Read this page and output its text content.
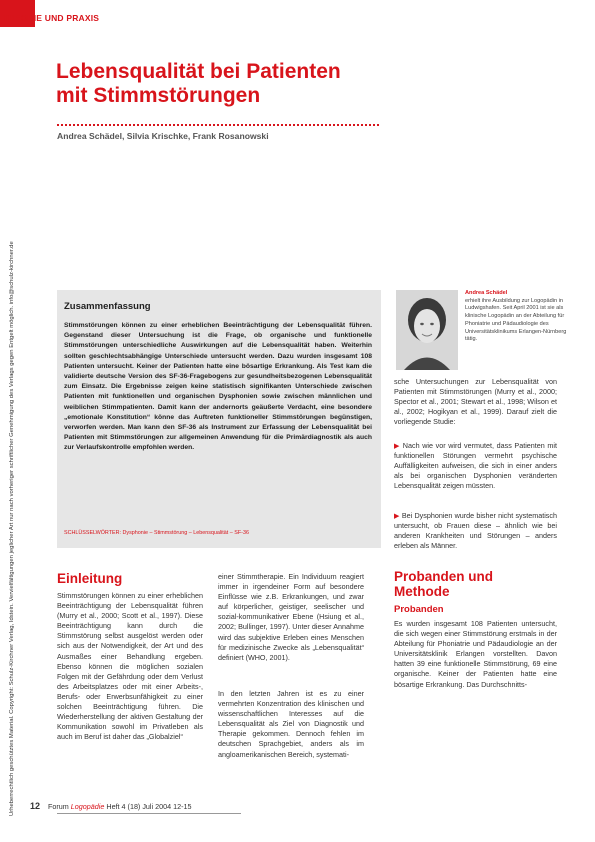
THEORIE UND PRAXIS
Urheberrechtlich geschütztes Material. Copyright: Schulz-Kirchner Verlag, Idstein. Vervielfältigungen jeglicher Art nur nach vorheriger schriftlicher Genehmigung des Verlags gegen Entgelt möglich. info@schulz-kirchner.de
Lebensqualität bei Patienten
mit Stimmstörungen
Andrea Schädel, Silvia Krischke, Frank Rosanowski
Zusammenfassung

Stimmstörungen können zu einer erheblichen Beeinträchtigung der Lebensqualität führen. Gegenstand dieser Untersuchung ist die Frage, ob organische und funktionelle Stimmstörungen unterschiedliche Auswirkungen auf die Lebensqualität haben. Weiterhin sollten geschlechtsabhängige Unterschiede untersucht werden. Dazu wurden insgesamt 108 Patienten untersucht. Keiner der Patienten hatte eine bösartige Erkrankung. Als Test kam die validierte deutsche Version des SF-36-Fragebogens zur gesundheitsbezogenen Lebensqualität zum Einsatz. Die Ergebnisse zeigen keine statistisch signifikanten Unterschiede zwischen Patienten mit funktionellen und organischen Dysphonien sowie zwischen männlichen und weiblichen Stimmpatienten. Damit kann der andernorts geäußerte Verdacht, eine besondere „emotionale Konstitution“ könne das Auftreten funktioneller Stimmstörungen begünstigen, verworfen werden. Man kann den SF-36 als Instrument zur Erfassung der Lebensqualität bei Patienten mit Stimmstörungen zur allgemeinen Anwendung für die Primärdiagnostik als auch zur Verlaufskontrolle empfohlen werden.

SCHLÜSSELWÖRTER: Dysphonie – Stimmstörung – Lebensqualität – SF-36
Andrea Schädel
erhielt ihre Ausbildung zur Logopädin in Ludwigshafen. Seit April 2001 ist sie als klinische Logopädin an der Abteilung für Phoniatrie und Pädaudiologie des Universitätsklinikums Erlangen-Nürnberg tätig.
Einleitung
Stimmstörungen können zu einer erheblichen Beeinträchtigung der Lebensqualität führen (Murry et al., 2000; Scott et al., 1997). Diese Beeinträchtigung kann durch die Stimmstörung selbst ausgelöst werden oder sich aus der Notwendigkeit, der Art und des Ausmaßes einer Behandlung ergeben. Ebenso können die möglichen sozialen Folgen mit der Gefährdung oder dem Verlust des Arbeitsplatzes oder mit einer Arbeits-, Berufs- oder Erwerbsunfähigkeit zu einer solchen Beeinträchtigung führen. Die Wiederherstellung der aktiven Gestaltung der Kommunikation sowohl im Privatleben als auch im Beruf ist daher das „Globalziel“
einer Stimmtherapie. Ein Individuum reagiert immer in irgendeiner Form auf besondere Einflüsse wie z.B. Erkrankungen, und zwar auf körperlicher, geistiger, seelischer und sozial-kommunikativer Ebene (Hsiung et al., 2002; Bullinger, 1997). Unter dieser Annahme wird das subjektive Erleben eines Menschen für medizinische Zwecke als „Lebensqualität“ definiert (WHO, 2001).
In den letzten Jahren ist es zu einer vermehrten Konzentration des klinischen und wissenschaftlichen Interesses auf die Lebensqualität als Ziel von Diagnostik und Therapie gekommen. Dennoch fehlen im deutschen Sprachgebiet, anders als im angloamerikanischen Bereich, systemati-
sche Untersuchungen zur Lebensqualität von Patienten mit Stimmstörungen (Murry et al., 2000; Spector et al., 2001; Stewart et al., 1998; Wilson et al., 2002; Hogikyan et al., 1999). Darauf zielt die vorliegende Studie:
▶ Nach wie vor wird vermutet, dass Patienten mit funktionellen Störungen vermehrt psychische Auffälligkeiten aufweisen, die sich in einer anders als bei organischen Dysphonien veränderten Lebensqualität zeigen müssten.
▶ Bei Dysphonien wurde bisher nicht systematisch untersucht, ob Frauen diese – ähnlich wie bei anderen Krankheiten und Störungen – anders erleben als Männer.
Probanden und Methode
Probanden
Es wurden insgesamt 108 Patienten untersucht, die sich wegen einer Stimmstörung erstmals in der Abteilung für Phoniatrie und Pädaudiologie an der Universitätsklinik Erlangen vorstellten. Davon hatten 39 eine funktionelle Stimmstörung, 69 eine organische. Keiner der Patienten hatte eine bösartige Erkrankung. Das Durchschnitts-
12 Forum Logopädie Heft 4 (18) Juli 2004 12-15
